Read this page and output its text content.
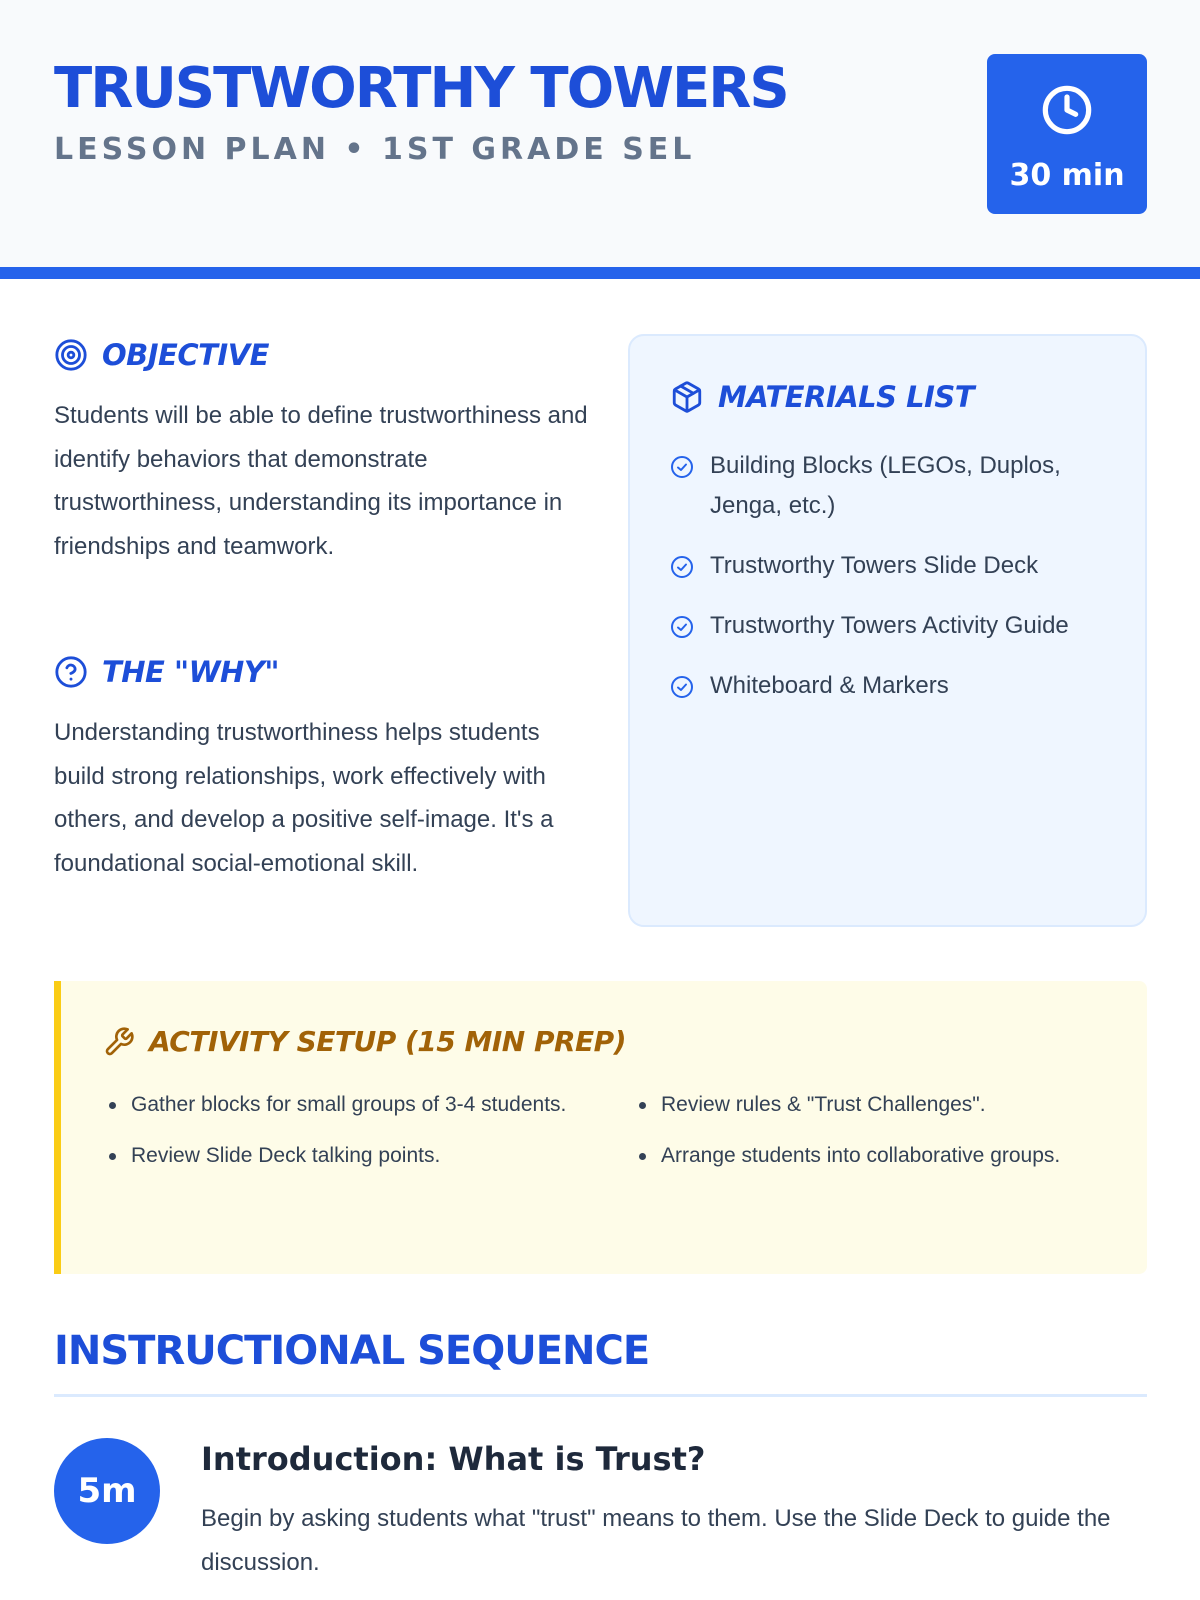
TRUSTWORTHY TOWERS
LESSON PLAN • 1ST GRADE SEL
30 min
OBJECTIVE
Students will be able to define trustworthiness and identify behaviors that demonstrate trustworthiness, understanding its importance in friendships and teamwork.
THE "WHY"
Understanding trustworthiness helps students build strong relationships, work effectively with others, and develop a positive self-image. It's a foundational social-emotional skill.
MATERIALS LIST
Building Blocks (LEGOs, Duplos, Jenga, etc.)
Trustworthy Towers Slide Deck
Trustworthy Towers Activity Guide
Whiteboard & Markers
ACTIVITY SETUP (15 MIN PREP)
Gather blocks for small groups of 3-4 students.	Review rules & "Trust Challenges".
Review Slide Deck talking points.	Arrange students into collaborative groups.
INSTRUCTIONAL SEQUENCE
5m
Introduction: What is Trust?
Begin by asking students what "trust" means to them. Use the Slide Deck to guide the discussion.
